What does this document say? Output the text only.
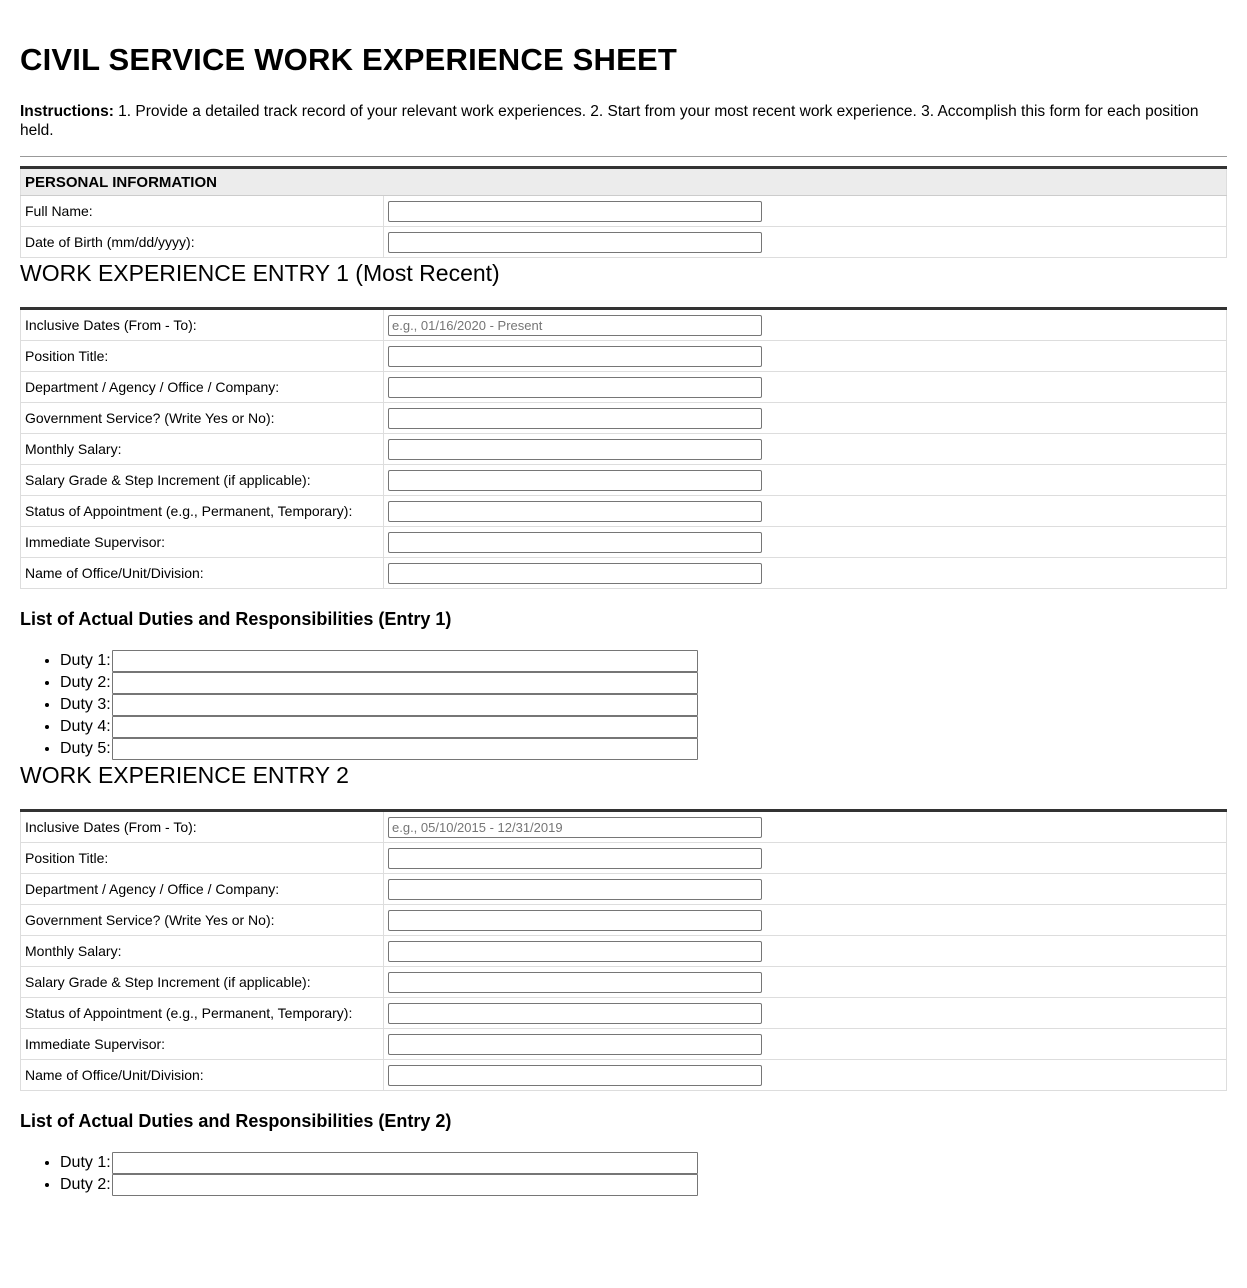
CIVIL SERVICE WORK EXPERIENCE SHEET
Instructions: 1. Provide a detailed track record of your relevant work experiences. 2. Start from your most recent work experience. 3. Accomplish this form for each position held.
PERSONAL INFORMATION	
Full Name:	

Date of Birth (mm/dd/yyyy):	
WORK EXPERIENCE ENTRY 1 (Most Recent)
Inclusive Dates (From - To):	
e.g., 01/16/2020 - Present
Position Title:	

Department / Agency / Office / Company:	

Government Service? (Write Yes or No):	

Monthly Salary:	

Salary Grade & Step Increment (if applicable):	

Status of Appointment (e.g., Permanent, Temporary):	

Immediate Supervisor:	

Name of Office/Unit/Division:	
List of Actual Duties and Responsibilities (Entry 1)
• Duty 1:
• Duty 2:
• Duty 3:
• Duty 4:
• Duty 5:
WORK EXPERIENCE ENTRY 2
Inclusive Dates (From - To):	
e.g., 05/10/2015 - 12/31/2019
Position Title:	

Department / Agency / Office / Company:	

Government Service? (Write Yes or No):	

Monthly Salary:	

Salary Grade & Step Increment (if applicable):	

Status of Appointment (e.g., Permanent, Temporary):	

Immediate Supervisor:	

Name of Office/Unit/Division:	
List of Actual Duties and Responsibilities (Entry 2)
• Duty 1:
• Duty 2:
